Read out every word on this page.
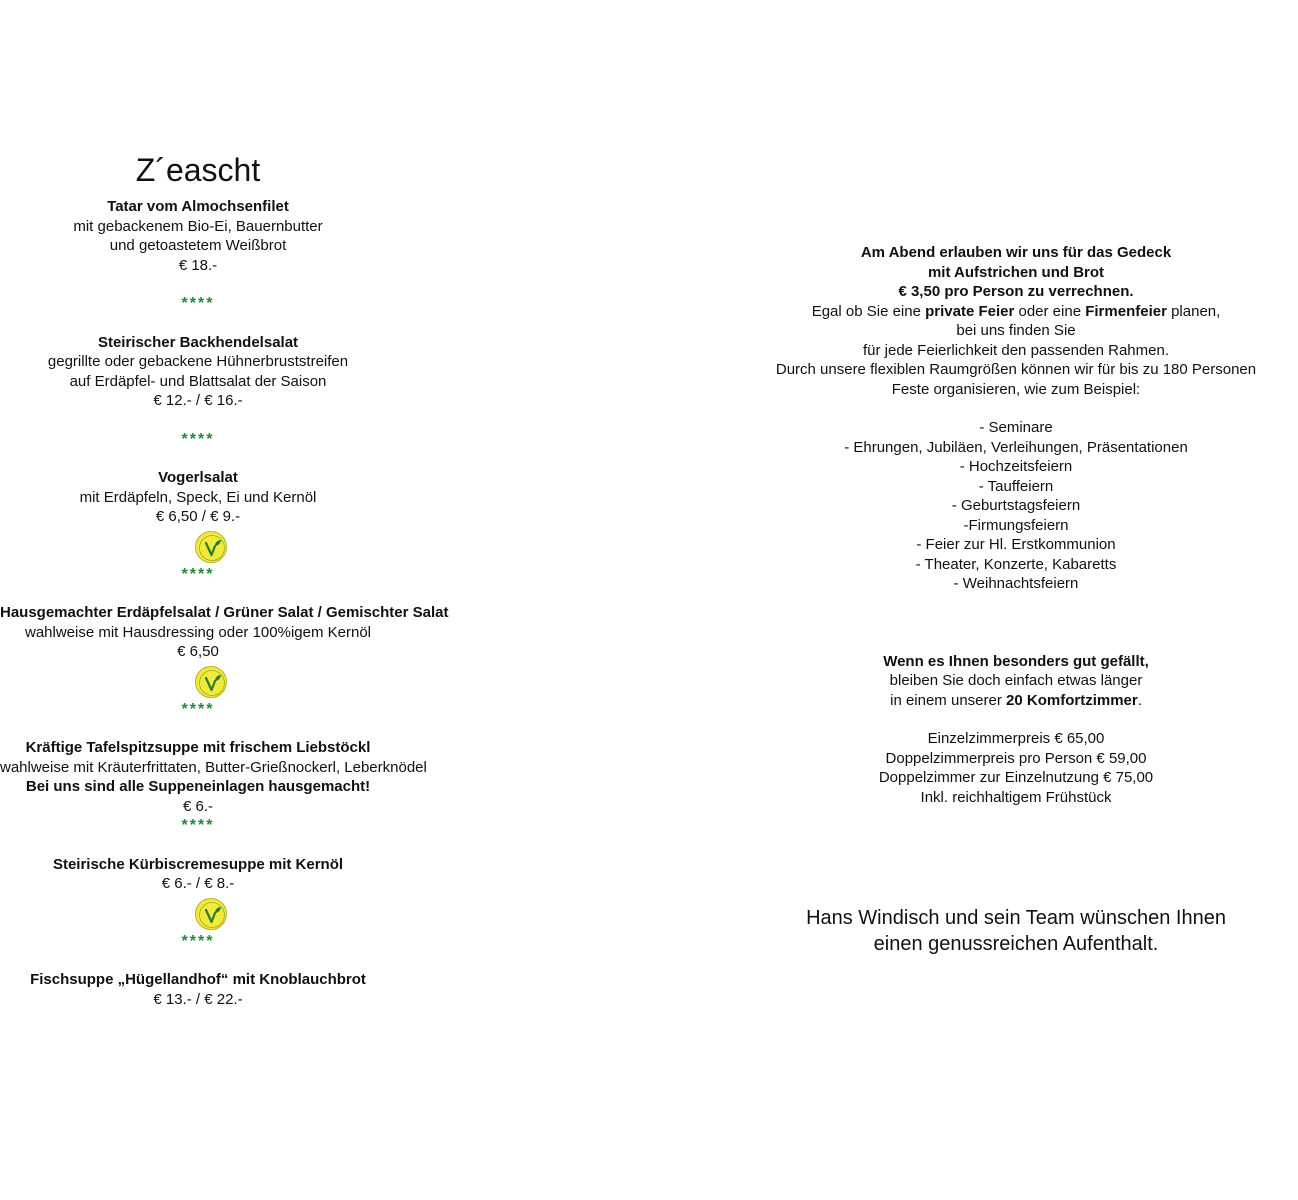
Z´eascht
Tatar vom Almochsenfilet
mit gebackenem Bio-Ei, Bauernbutter
und getoastetem Weißbrot
€ 18.-
****
Steirischer Backhendelsalat
gegrillte oder gebackene Hühnerbruststreifen
auf Erdäpfel- und Blattsalat der Saison
€ 12.- / € 16.-
****
Vogerlsalat
mit Erdäpfeln, Speck, Ei und Kernöl
€ 6,50 / € 9.-
****
Hausgemachter Erdäpfelsalat / Grüner Salat / Gemischter Salat
wahlweise mit Hausdressing oder 100%igem Kernöl
€ 6,50
****
Kräftige Tafelspitzsuppe mit frischem Liebstöckl
wahlweise mit Kräuterfrittaten, Butter-Grießnockerl, Leberknödel
Bei uns sind alle Suppeneinlagen hausgemacht!
€ 6.-
****
Steirische Kürbiscremesuppe mit Kernöl
€ 6.- / € 8.-
****
Fischsuppe „Hügellandhof“ mit Knoblauchbrot
€ 13.- / € 22.-
Am Abend erlauben wir uns für das Gedeck
mit Aufstrichen und Brot
€ 3,50 pro Person zu verrechnen.
Egal ob Sie eine private Feier oder eine Firmenfeier planen,
bei uns finden Sie
für jede Feierlichkeit den passenden Rahmen.
Durch unsere flexiblen Raumgrößen können wir für bis zu 180 Personen
Feste organisieren, wie zum Beispiel:
- Seminare
- Ehrungen, Jubiläen, Verleihungen, Präsentationen
- Hochzeitsfeiern
- Tauffeiern
- Geburtstagsfeiern
-Firmungsfeiern
- Feier zur Hl. Erstkommunion
- Theater, Konzerte, Kabaretts
- Weihnachtsfeiern
Wenn es Ihnen besonders gut gefällt,
bleiben Sie doch einfach etwas länger
in einem unserer 20 Komfortzimmer.
Einzelzimmerpreis € 65,00
Doppelzimmerpreis pro Person € 59,00
Doppelzimmer zur Einzelnutzung € 75,00
Inkl. reichhaltigem Frühstück
Hans Windisch und sein Team wünschen Ihnen
einen genussreichen Aufenthalt.
